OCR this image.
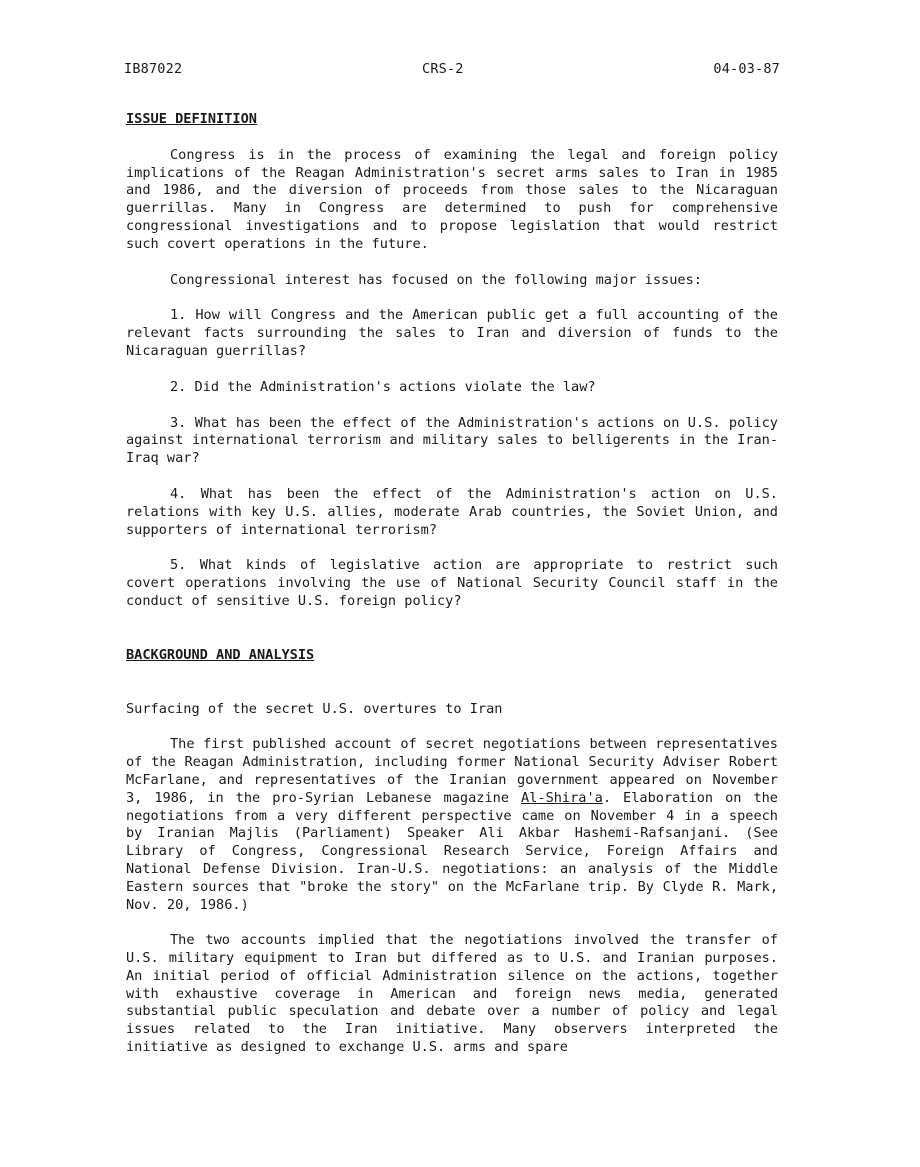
IB87022	CRS-2	04-03-87
ISSUE DEFINITION

Congress is in the process of examining the legal and foreign policy implications of the Reagan Administration's secret arms sales to Iran in 1985 and 1986, and the diversion of proceeds from those sales to the Nicaraguan guerrillas. Many in Congress are determined to push for comprehensive congressional investigations and to propose legislation that would restrict such covert operations in the future.

Congressional interest has focused on the following major issues:

1. How will Congress and the American public get a full accounting of the relevant facts surrounding the sales to Iran and diversion of funds to the Nicaraguan guerrillas?

2. Did the Administration's actions violate the law?

3. What has been the effect of the Administration's actions on U.S. policy against international terrorism and military sales to belligerents in the Iran-Iraq war?

4. What has been the effect of the Administration's action on U.S. relations with key U.S. allies, moderate Arab countries, the Soviet Union, and supporters of international terrorism?

5. What kinds of legislative action are appropriate to restrict such covert operations involving the use of National Security Council staff in the conduct of sensitive U.S. foreign policy?

BACKGROUND AND ANALYSIS

Surfacing of the secret U.S. overtures to Iran

The first published account of secret negotiations between representatives of the Reagan Administration, including former National Security Adviser Robert McFarlane, and representatives of the Iranian government appeared on November 3, 1986, in the pro-Syrian Lebanese magazine Al-Shira'a. Elaboration on the negotiations from a very different perspective came on November 4 in a speech by Iranian Majlis (Parliament) Speaker Ali Akbar Hashemi-Rafsanjani. (See Library of Congress, Congressional Research Service, Foreign Affairs and National Defense Division. Iran-U.S. negotiations: an analysis of the Middle Eastern sources that "broke the story" on the McFarlane trip. By Clyde R. Mark, Nov. 20, 1986.)

The two accounts implied that the negotiations involved the transfer of U.S. military equipment to Iran but differed as to U.S. and Iranian purposes. An initial period of official Administration silence on the actions, together with exhaustive coverage in American and foreign news media, generated substantial public speculation and debate over a number of policy and legal issues related to the Iran initiative. Many observers interpreted the initiative as designed to exchange U.S. arms and spare
